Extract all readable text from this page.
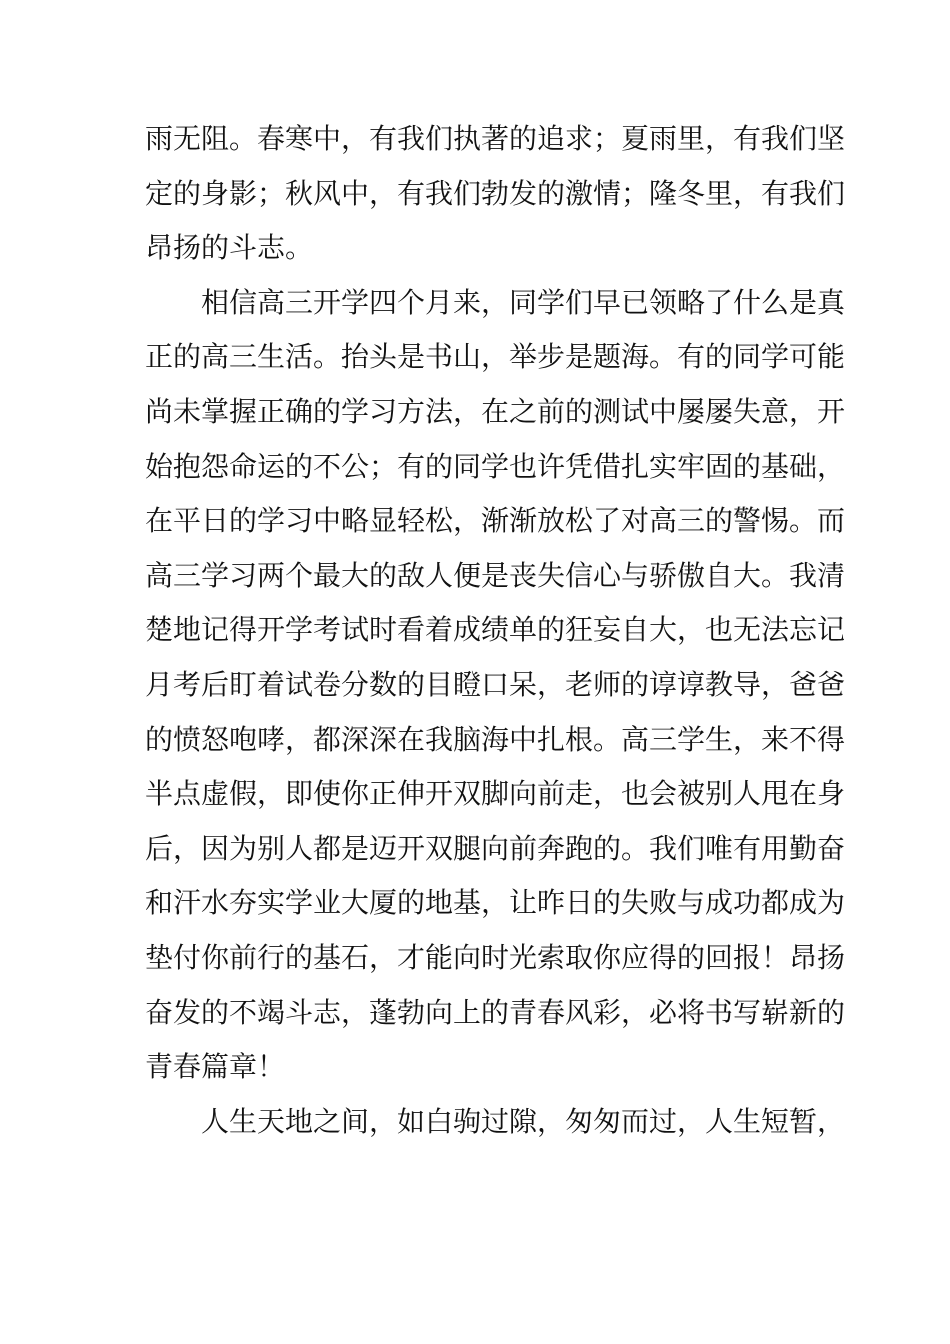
雨无阻。春寒中，有我们执著的追求；夏雨里，有我们坚
定的身影；秋风中，有我们勃发的激情；隆冬里，有我们
昂扬的斗志。
相信高三开学四个月来，同学们早已领略了什么是真
正的高三生活。抬头是书山，举步是题海。有的同学可能
尚未掌握正确的学习方法，在之前的测试中屡屡失意，开
始抱怨命运的不公；有的同学也许凭借扎实牢固的基础，
在平日的学习中略显轻松，渐渐放松了对高三的警惕。而
高三学习两个最大的敌人便是丧失信心与骄傲自大。我清
楚地记得开学考试时看着成绩单的狂妄自大，也无法忘记
月考后盯着试卷分数的目瞪口呆，老师的谆谆教导，爸爸
的愤怒咆哮，都深深在我脑海中扎根。高三学生，来不得
半点虚假，即使你正伸开双脚向前走，也会被别人甩在身
后，因为别人都是迈开双腿向前奔跑的。我们唯有用勤奋
和汗水夯实学业大厦的地基，让昨日的失败与成功都成为
垫付你前行的基石，才能向时光索取你应得的回报！昂扬
奋发的不竭斗志，蓬勃向上的青春风彩，必将书写崭新的
青春篇章！
人生天地之间，如白驹过隙，匆匆而过，人生短暂，
